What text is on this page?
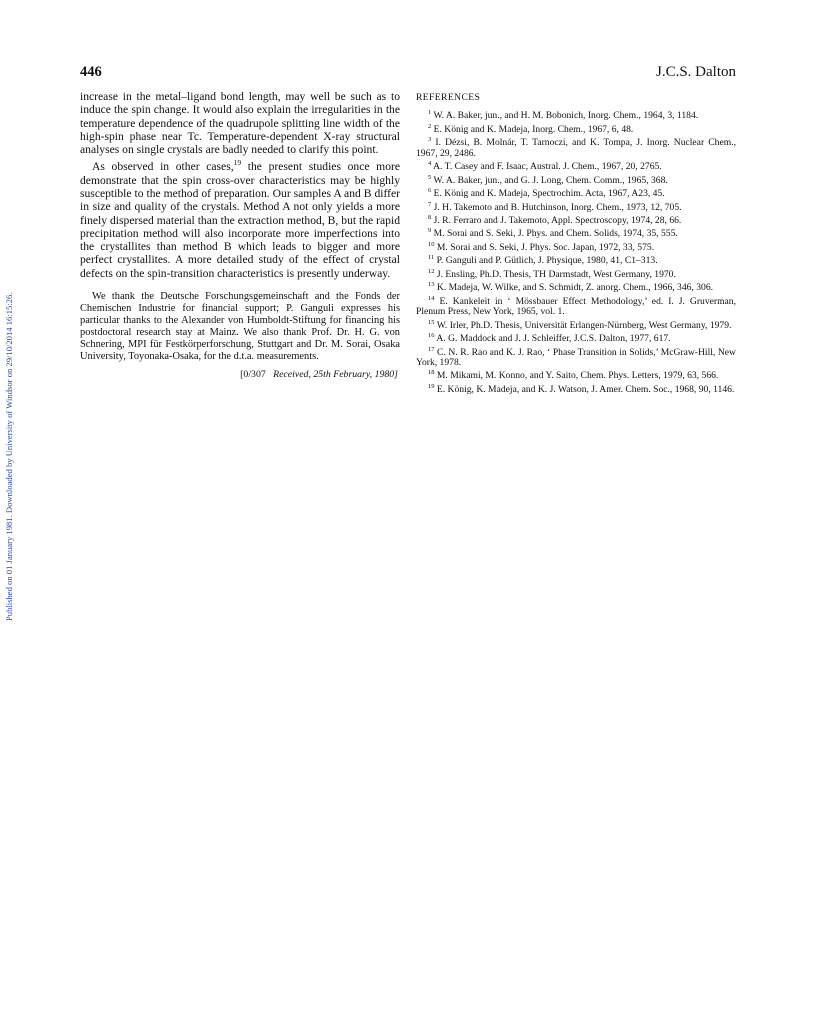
Published on 01 January 1981. Downloaded by University of Windsor on 29/10/2014 16:15:26.
446	J.C.S. Dalton

increase in the metal–ligand bond length, may well be such as to induce the spin change. It would also explain the irregularities in the temperature dependence of the quadrupole splitting line width of the high-spin phase near Tc. Temperature-dependent X-ray structural analyses on single crystals are badly needed to clarify this point.

As observed in other cases,$^{19}$ the present studies once more demonstrate that the spin cross-over characteristics may be highly susceptible to the method of preparation. Our samples A and B differ in size and quality of the crystals. Method A not only yields a more finely dispersed material than the extraction method, B, but the rapid precipitation method will also incorporate more imperfections into the crystallites than method B which leads to bigger and more perfect crystallites. A more detailed study of the effect of crystal defects on the spin-transition characteristics is presently underway.

We thank the Deutsche Forschungsgemeinschaft and the Fonds der Chemischen Industrie for financial support; P. Ganguli expresses his particular thanks to the Alexander von Humboldt-Stiftung for financing his postdoctoral research stay at Mainz. We also thank Prof. Dr. H. G. von Schnering, MPI für Festkörperforschung, Stuttgart and Dr. M. Sorai, Osaka University, Toyonaka-Osaka, for the d.t.a. measurements.

[0/307 Received, 25th February, 1980]
REFERENCES

$^1$ W. A. Baker, jun., and H. M. Bobonich, Inorg. Chem., 1964, 3, 1184.

$^2$ E. König and K. Madeja, Inorg. Chem., 1967, 6, 48.

$^3$ I. Dézsi, B. Molnár, T. Tarnoczi, and K. Tompa, J. Inorg. Nuclear Chem., 1967, 29, 2486.

$^4$ A. T. Casey and F. Isaac, Austral. J. Chem., 1967, 20, 2765.

$^5$ W. A. Baker, jun., and G. J. Long, Chem. Comm., 1965, 368.

$^6$ E. König and K. Madeja, Spectrochim. Acta, 1967, A23, 45.

$^7$ J. H. Takemoto and B. Hutchinson, Inorg. Chem., 1973, 12, 705.

$^8$ J. R. Ferraro and J. Takemoto, Appl. Spectroscopy, 1974, 28, 66.

$^9$ M. Sorai and S. Seki, J. Phys. and Chem. Solids, 1974, 35, 555.

$^{10}$ M. Sorai and S. Seki, J. Phys. Soc. Japan, 1972, 33, 575.

$^{11}$ P. Ganguli and P. Gütlich, J. Physique, 1980, 41, C1–313.

$^{12}$ J. Ensling, Ph.D. Thesis, TH Darmstadt, West Germany, 1970.

$^{13}$ K. Madeja, W. Wilke, and S. Schmidt, Z. anorg. Chem., 1966, 346, 306.

$^{14}$ E. Kankeleit in ‘ Mössbauer Effect Methodology,’ ed. I. J. Gruverman, Plenum Press, New York, 1965, vol. 1.

$^{15}$ W. Irler, Ph.D. Thesis, Universität Erlangen-Nürnberg, West Germany, 1979.

$^{16}$ A. G. Maddock and J. J. Schleiffer, J.C.S. Dalton, 1977, 617.

$^{17}$ C. N. R. Rao and K. J. Rao, ‘ Phase Transition in Solids,’ McGraw-Hill, New York, 1978.

$^{18}$ M. Mikami, M. Konno, and Y. Saito, Chem. Phys. Letters, 1979, 63, 566.

$^{19}$ E. König, K. Madeja, and K. J. Watson, J. Amer. Chem. Soc., 1968, 90, 1146.
